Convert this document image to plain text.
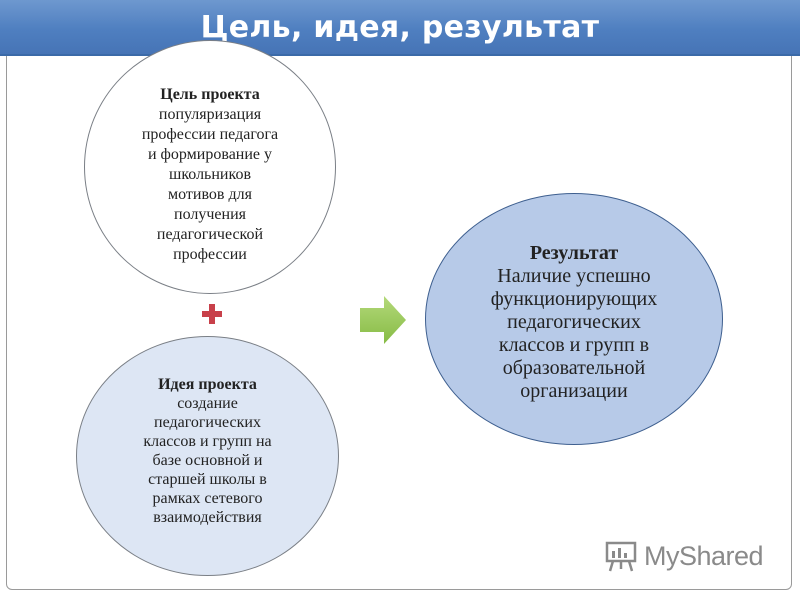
Цель, идея, результат
Цель проекта
популяризация
профессии педагога
и формирование у
школьников
мотивов для
получения
педагогической
профессии
Идея проекта
создание
педагогических
классов и групп на
базе основной и
старшей школы в
рамках сетевого
взаимодействия
Результат
Наличие успешно
функционирующих
педагогических
классов и групп в
образовательной
организации
MyShared
